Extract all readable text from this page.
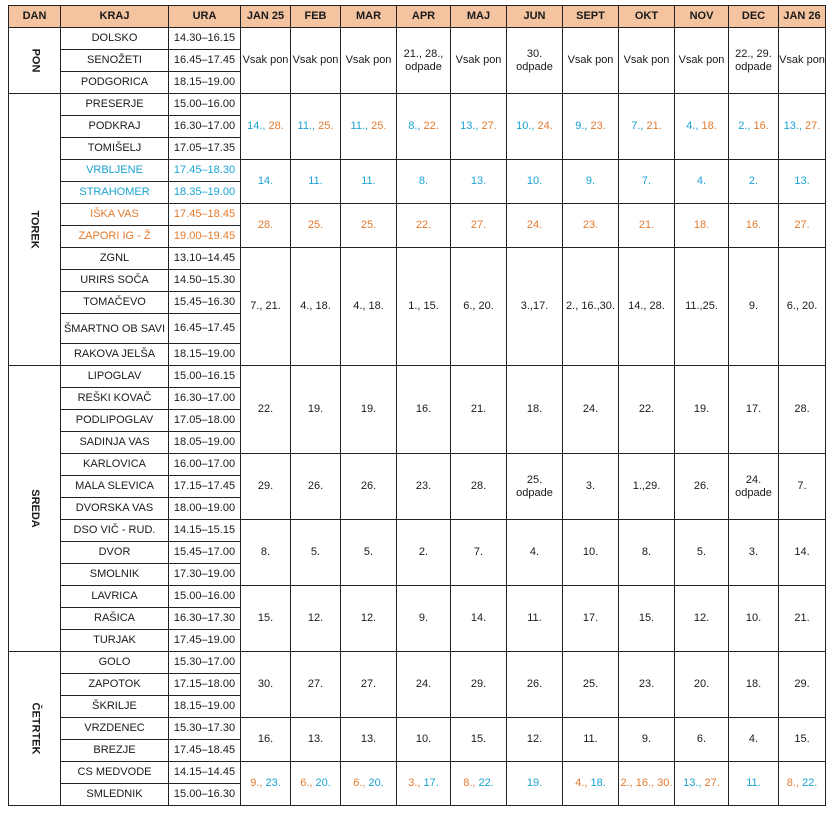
DAN	KRAJ	URA	JAN 25	FEB	MAR	APR	MAJ	JUN	SEPT	OKT	NOV	DEC	JAN 26
PON	DOLSKO	14.30–16.15	Vsak pon	Vsak pon	Vsak pon	21., 28., odpade	Vsak pon	30. odpade	Vsak pon	Vsak pon	Vsak pon	22., 29. odpade	Vsak pon
	SENOŽETI	16.45–17.45											
	PODGORICA	18.15–19.00											
TOREK	PRESERJE	15.00–16.00	14., 28.	11., 25.	11., 25.	8., 22.	13., 27.	10., 24.	9., 23.	7., 21.	4., 18.	2., 16.	13., 27.
	PODKRAJ	16.30–17.00											
	TOMIŠELJ	17.05–17.35											
	VRBLJENE	17.45–18.30	14.	11.	11.	8.	13.	10.	9.	7.	4.	2.	13.
	STRAHOMER	18.35–19.00											
	IŠKA VAS	17.45–18.45	28.	25.	25.	22.	27.	24.	23.	21.	18.	16.	27.
	ZAPORI IG - Ž	19.00–19.45											
	ZGNL	13.10–14.45	7., 21.	4., 18.	4., 18.	1., 15.	6., 20.	3.,17.	2., 16.,30.	14., 28.	11.,25.	9.	6., 20.
	URIRS SOČA	14.50–15.30											
	TOMAČEVO	15.45–16.30											
	ŠMARTNO OB SAVI	16.45–17.45											
	RAKOVA JELŠA	18.15–19.00											
SREDA	LIPOGLAV	15.00–16.15	22.	19.	19.	16.	21.	18.	24.	22.	19.	17.	28.
	REŠKI KOVAČ	16.30–17.00											
	PODLIPOGLAV	17.05–18.00											
	SADINJA VAS	18.05–19.00											
	KARLOVICA	16.00–17.00	29.	26.	26.	23.	28.	25. odpade	3.	1.,29.	26.	24. odpade	7.
	MALA SLEVICA	17.15–17.45											
	DVORSKA VAS	18.00–19.00											
	DSO VIČ - RUD.	14.15–15.15	8.	5.	5.	2.	7.	4.	10.	8.	5.	3.	14.
	DVOR	15.45–17.00											
	SMOLNIK	17.30–19.00											
	LAVRICA	15.00–16.00	15.	12.	12.	9.	14.	11.	17.	15.	12.	10.	21.
	RAŠICA	16.30–17.30											
	TURJAK	17.45–19.00											
ČETRTEK	GOLO	15.30–17.00	30.	27.	27.	24.	29.	26.	25.	23.	20.	18.	29.
	ZAPOTOK	17.15–18.00											
	ŠKRILJE	18.15–19.00											
	VRZDENEC	15.30–17.30	16.	13.	13.	10.	15.	12.	11.	9.	6.	4.	15.
	BREZJE	17.45–18.45											
	CS MEDVODE	14.15–14.45	9., 23.	6., 20.	6., 20.	3., 17.	8., 22.	19.	4., 18.	2., 16., 30.	13., 27.	11.	8., 22.
	SMLEDNIK	15.00–16.30											
